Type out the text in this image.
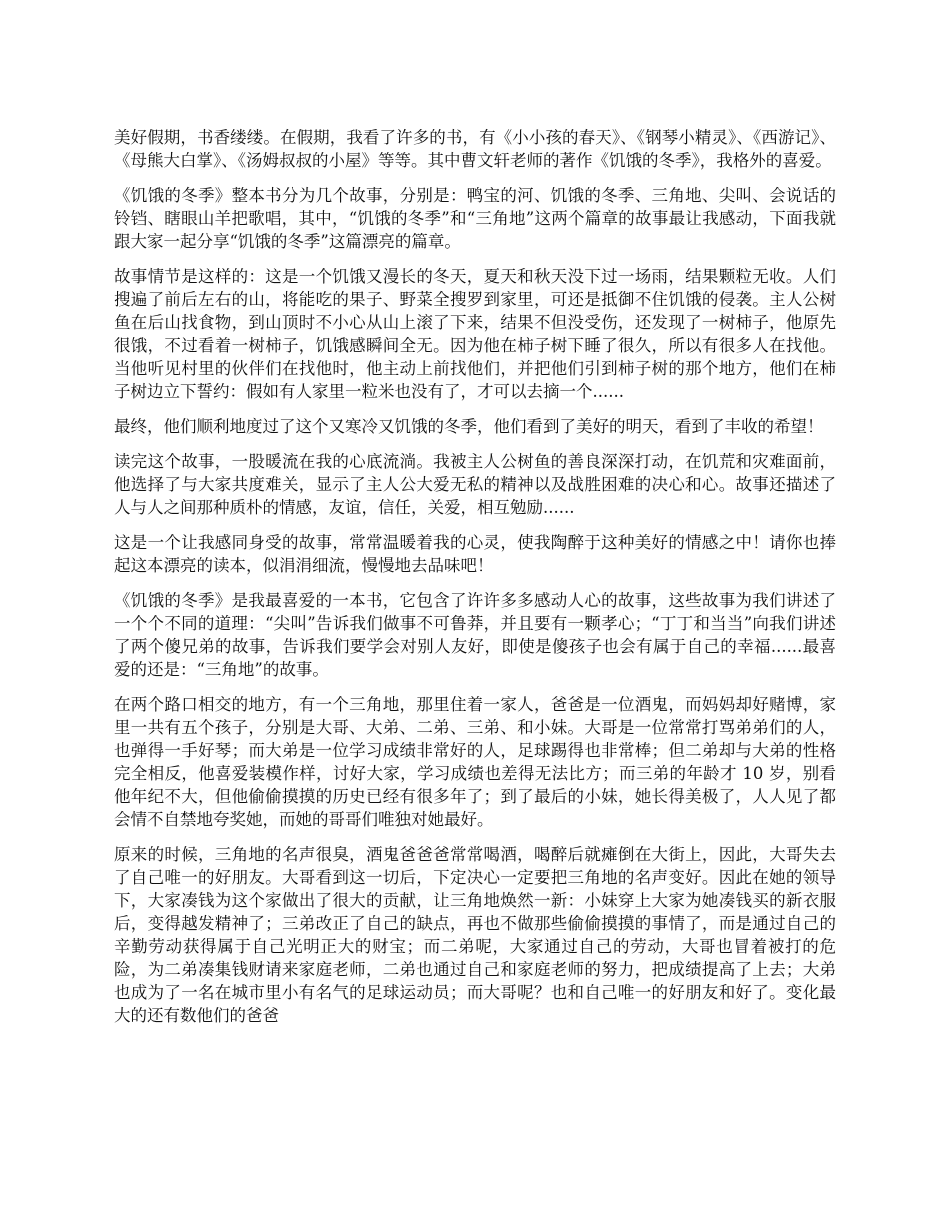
美好假期，书香缕缕。在假期，我看了许多的书，有《小小孩的春天》、《钢琴小精灵》、《西游记》、《母熊大白掌》、《汤姆叔叔的小屋》等等。其中曹文轩老师的著作《饥饿的冬季》，我格外的喜爱。

《饥饿的冬季》整本书分为几个故事，分别是：鸭宝的河、饥饿的冬季、三角地、尖叫、会说话的铃铛、瞎眼山羊把歌唱，其中，“饥饿的冬季”和“三角地”这两个篇章的故事最让我感动，下面我就跟大家一起分享“饥饿的冬季”这篇漂亮的篇章。

故事情节是这样的：这是一个饥饿又漫长的冬天，夏天和秋天没下过一场雨，结果颗粒无收。人们搜遍了前后左右的山，将能吃的果子、野菜全搜罗到家里，可还是抵御不住饥饿的侵袭。主人公树鱼在后山找食物，到山顶时不小心从山上滚了下来，结果不但没受伤，还发现了一树柿子，他原先很饿，不过看着一树柿子，饥饿感瞬间全无。因为他在柿子树下睡了很久，所以有很多人在找他。当他听见村里的伙伴们在找他时，他主动上前找他们，并把他们引到柿子树的那个地方，他们在柿子树边立下誓约：假如有人家里一粒米也没有了，才可以去摘一个......

最终，他们顺利地度过了这个又寒冷又饥饿的冬季，他们看到了美好的明天，看到了丰收的希望！

读完这个故事，一股暖流在我的心底流淌。我被主人公树鱼的善良深深打动，在饥荒和灾难面前，他选择了与大家共度难关，显示了主人公大爱无私的精神以及战胜困难的决心和心。故事还描述了人与人之间那种质朴的情感，友谊，信任，关爱，相互勉励......

这是一个让我感同身受的故事，常常温暖着我的心灵，使我陶醉于这种美好的情感之中！请你也捧起这本漂亮的读本，似涓涓细流，慢慢地去品味吧！

《饥饿的冬季》是我最喜爱的一本书，它包含了许许多多感动人心的故事，这些故事为我们讲述了一个个不同的道理：“尖叫”告诉我们做事不可鲁莽，并且要有一颗孝心；“丁丁和当当”向我们讲述了两个傻兄弟的故事，告诉我们要学会对别人友好，即使是傻孩子也会有属于自己的幸福......最喜爱的还是：“三角地”的故事。

在两个路口相交的地方，有一个三角地，那里住着一家人，爸爸是一位酒鬼，而妈妈却好赌博，家里一共有五个孩子，分别是大哥、大弟、二弟、三弟、和小妹。大哥是一位常常打骂弟弟们的人，也弹得一手好琴；而大弟是一位学习成绩非常好的人，足球踢得也非常棒；但二弟却与大弟的性格完全相反，他喜爱装模作样，讨好大家，学习成绩也差得无法比方；而三弟的年龄才 10 岁，别看他年纪不大，但他偷偷摸摸的历史已经有很多年了；到了最后的小妹，她长得美极了，人人见了都会情不自禁地夸奖她，而她的哥哥们唯独对她最好。

原来的时候，三角地的名声很臭，酒鬼爸爸爸常常喝酒，喝醉后就瘫倒在大街上，因此，大哥失去了自己唯一的好朋友。大哥看到这一切后，下定决心一定要把三角地的名声变好。因此在她的领导下，大家凑钱为这个家做出了很大的贡献，让三角地焕然一新：小妹穿上大家为她凑钱买的新衣服后，变得越发精神了；三弟改正了自己的缺点，再也不做那些偷偷摸摸的事情了，而是通过自己的辛勤劳动获得属于自己光明正大的财宝；而二弟呢，大家通过自己的劳动，大哥也冒着被打的危险，为二弟凑集钱财请来家庭老师，二弟也通过自己和家庭老师的努力，把成绩提高了上去；大弟也成为了一名在城市里小有名气的足球运动员；而大哥呢？也和自己唯一的好朋友和好了。变化最大的还有数他们的爸爸
